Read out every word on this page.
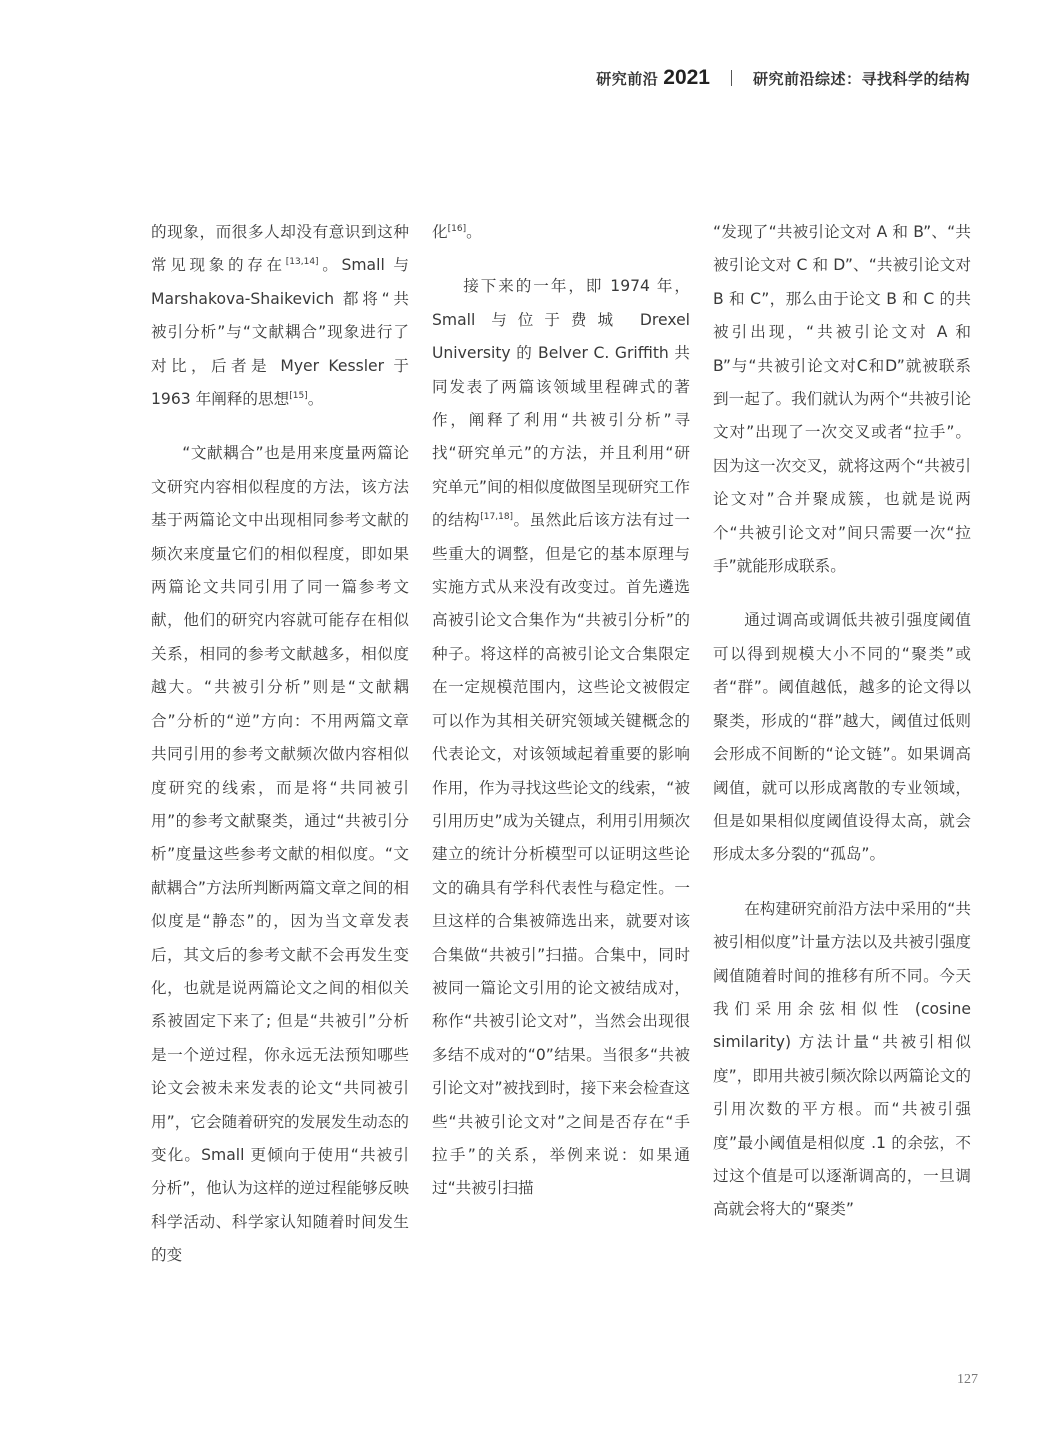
研究前沿 2021	研究前沿综述：寻找科学的结构

的现象，而很多人却没有意识到这种常见现象的存在[13,14]。Small 与 Marshakova-Shaikevich 都将“共被引分析”与“文献耦合”现象进行了对比，后者是 Myer Kessler 于 1963 年阐释的思想[15]。

“文献耦合”也是用来度量两篇论文研究内容相似程度的方法，该方法基于两篇论文中出现相同参考文献的频次来度量它们的相似程度，即如果两篇论文共同引用了同一篇参考文献，他们的研究内容就可能存在相似关系，相同的参考文献越多，相似度越大。“共被引分析”则是“文献耦合”分析的“逆”方向：不用两篇文章共同引用的参考文献频次做内容相似度研究的线索，而是将“共同被引用”的参考文献聚类，通过“共被引分析”度量这些参考文献的相似度。“文献耦合”方法所判断两篇文章之间的相似度是“静态”的，因为当文章发表后，其文后的参考文献不会再发生变化，也就是说两篇论文之间的相似关系被固定下来了; 但是“共被引”分析是一个逆过程，你永远无法预知哪些论文会被未来发表的论文“共同被引用”，它会随着研究的发展发生动态的变化。Small 更倾向于使用“共被引分析”，他认为这样的逆过程能够反映科学活动、科学家认知随着时间发生的变

化[16]。

接下来的一年，即 1974 年，Small 与位于费城 Drexel University 的 Belver C. Griffith 共同发表了两篇该领域里程碑式的著作，阐释了利用“共被引分析”寻找“研究单元”的方法，并且利用“研究单元”间的相似度做图呈现研究工作的结构[17,18]。虽然此后该方法有过一些重大的调整，但是它的基本原理与实施方式从来没有改变过。首先遴选高被引论文合集作为“共被引分析”的种子。将这样的高被引论文合集限定在一定规模范围内，这些论文被假定可以作为其相关研究领域关键概念的代表论文，对该领域起着重要的影响作用，作为寻找这些论文的线索，“被引用历史”成为关键点，利用引用频次建立的统计分析模型可以证明这些论文的确具有学科代表性与稳定性。一旦这样的合集被筛选出来，就要对该合集做“共被引”扫描。合集中，同时被同一篇论文引用的论文被结成对，称作“共被引论文对”，当然会出现很多结不成对的“0”结果。当很多“共被引论文对”被找到时，接下来会检查这些“共被引论文对”之间是否存在“手拉手”的关系，举例来说：如果通过“共被引扫描

“发现了“共被引论文对 A 和 B”、“共被引论文对 C 和 D”、“共被引论文对 B 和 C”，那么由于论文 B 和 C 的共被引出现，“共被引论文对 A 和 B”与“共被引论文对C和D”就被联系到一起了。我们就认为两个“共被引论文对”出现了一次交叉或者“拉手”。因为这一次交叉，就将这两个“共被引论文对”合并聚成簇，也就是说两个“共被引论文对”间只需要一次“拉手”就能形成联系。

通过调高或调低共被引强度阈值可以得到规模大小不同的“聚类”或者“群”。阈值越低，越多的论文得以聚类，形成的“群”越大，阈值过低则会形成不间断的“论文链”。如果调高阈值，就可以形成离散的专业领域，但是如果相似度阈值设得太高，就会形成太多分裂的“孤岛”。

在构建研究前沿方法中采用的“共被引相似度”计量方法以及共被引强度阈值随着时间的推移有所不同。今天我们采用余弦相似性 (cosine similarity) 方法计量“共被引相似度”，即用共被引频次除以两篇论文的引用次数的平方根。而“共被引强度”最小阈值是相似度 .1 的余弦，不过这个值是可以逐渐调高的，一旦调高就会将大的“聚类”

127
